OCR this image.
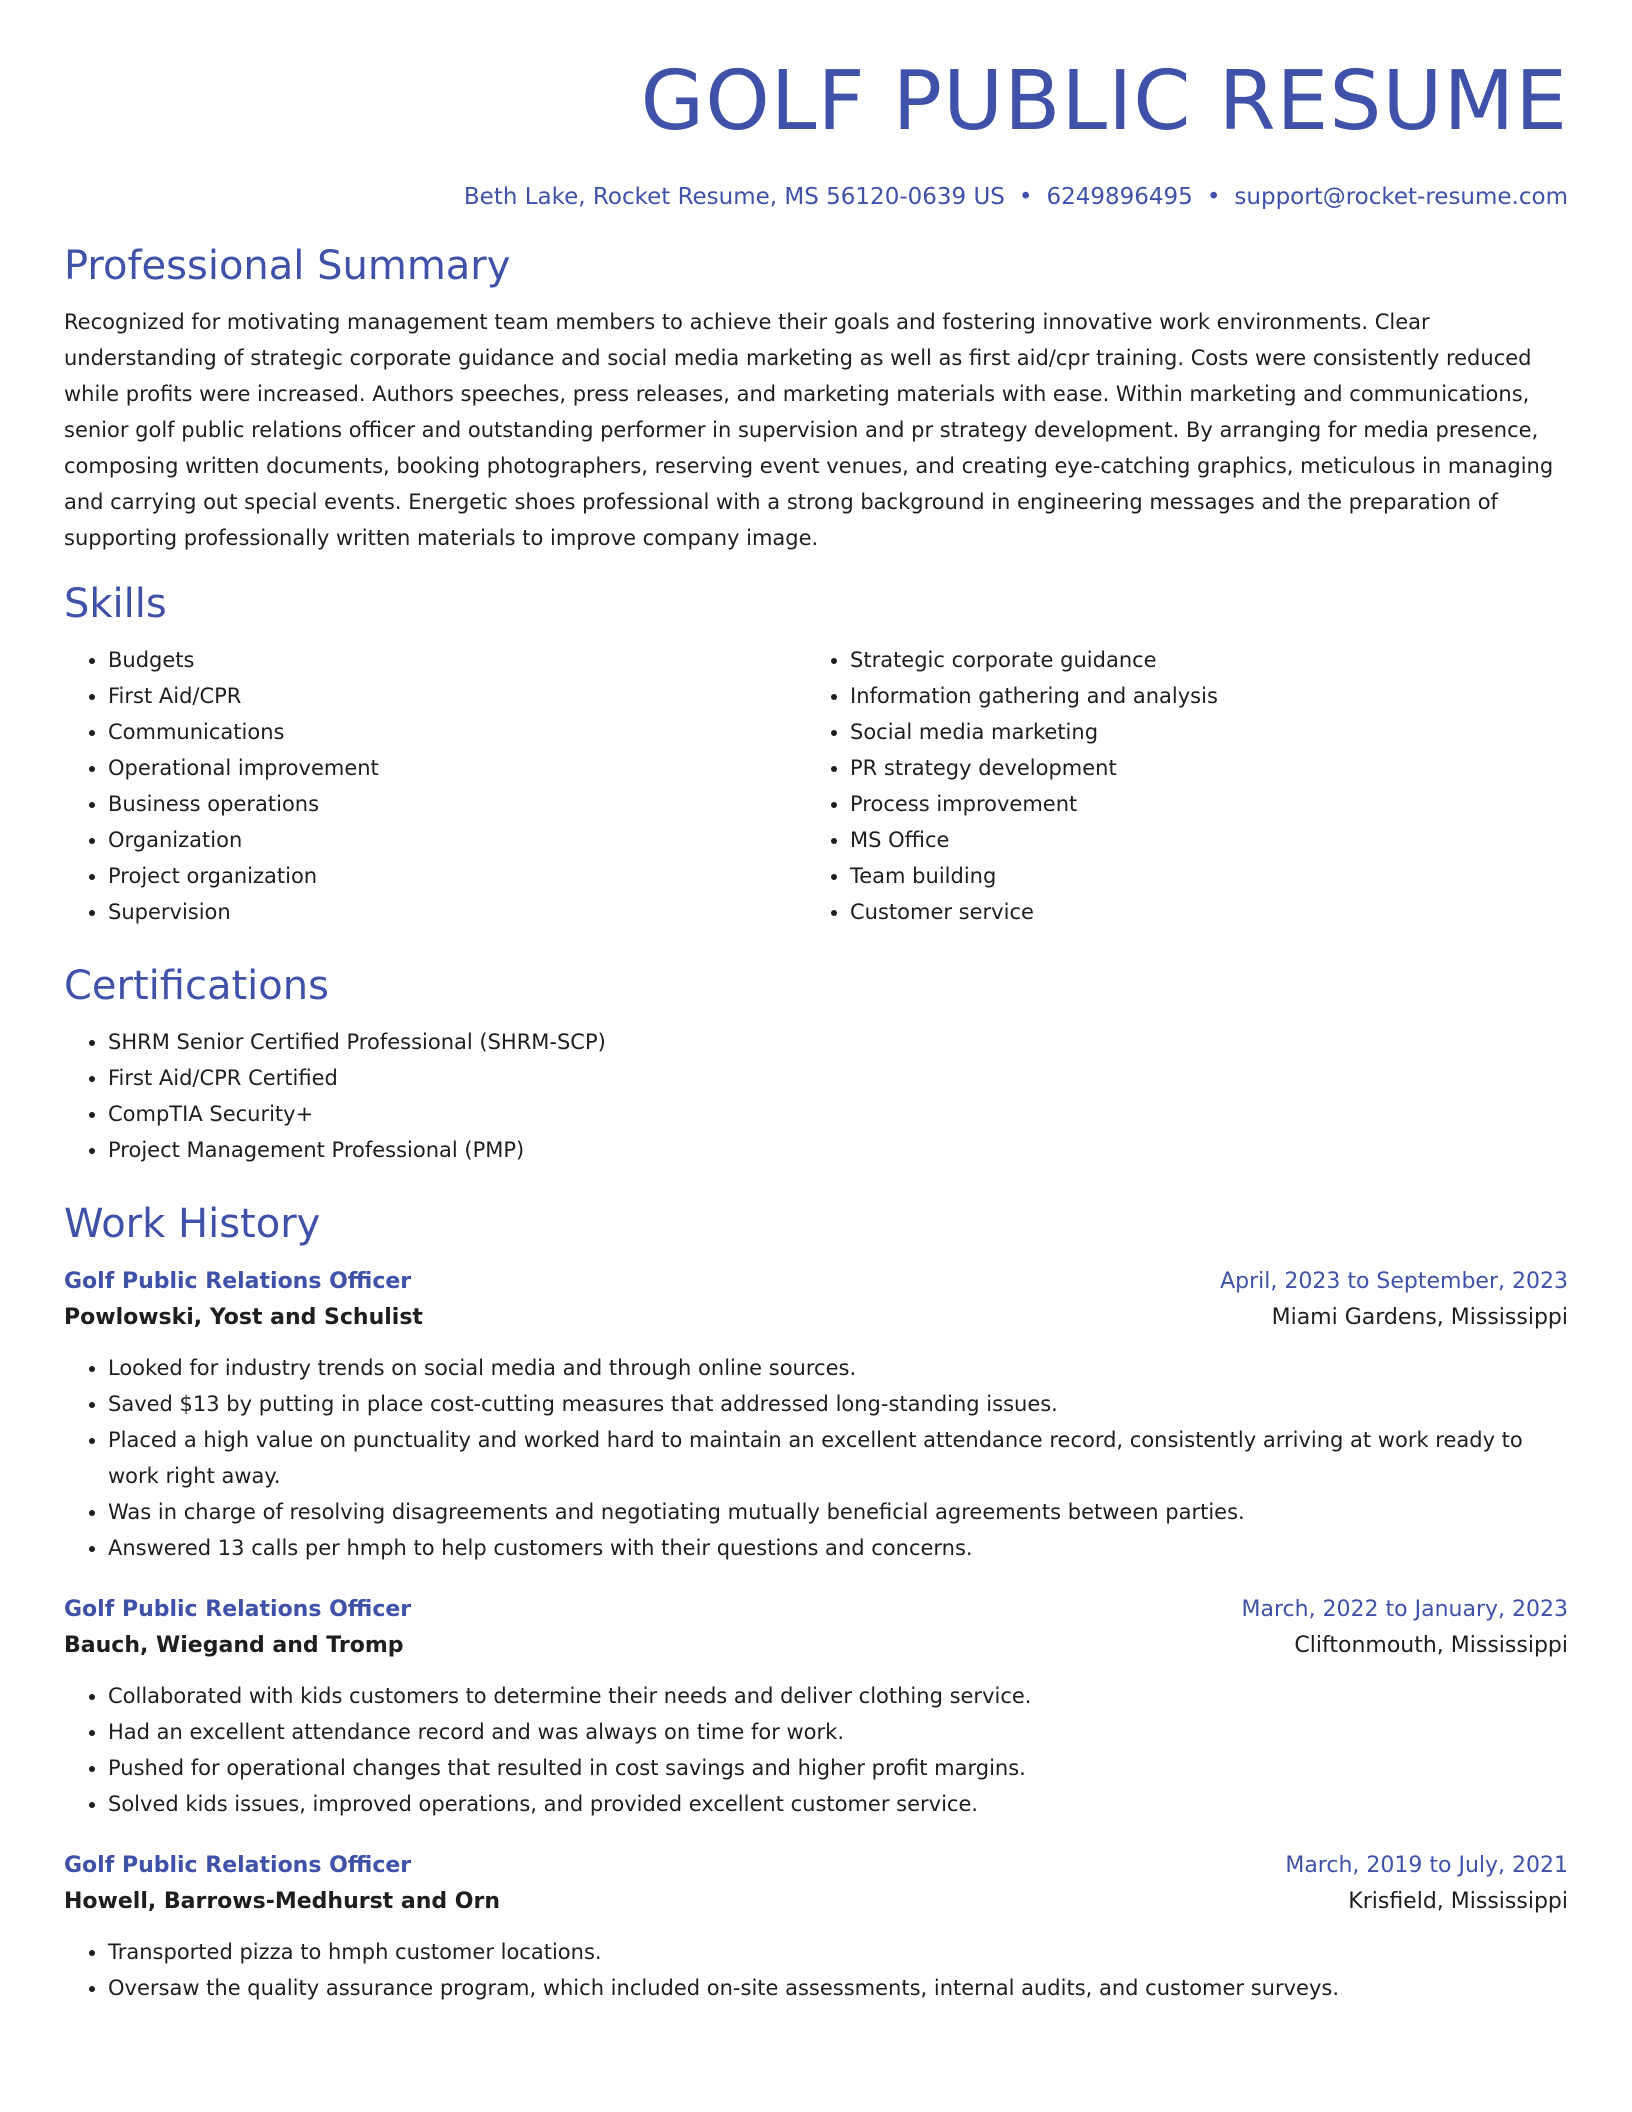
GOLF PUBLIC RESUME
Beth Lake, Rocket Resume, MS 56120-0639 US • 6249896495 • support@rocket-resume.com
Professional Summary
Recognized for motivating management team members to achieve their goals and fostering innovative work environments. Clear understanding of strategic corporate guidance and social media marketing as well as first aid/cpr training. Costs were consistently reduced while profits were increased. Authors speeches, press releases, and marketing materials with ease. Within marketing and communications, senior golf public relations officer and outstanding performer in supervision and pr strategy development. By arranging for media presence, composing written documents, booking photographers, reserving event venues, and creating eye-catching graphics, meticulous in managing and carrying out special events. Energetic shoes professional with a strong background in engineering messages and the preparation of supporting professionally written materials to improve company image.
Skills
• Budgets
• First Aid/CPR
• Communications
• Operational improvement
• Business operations
• Organization
• Project organization
• Supervision
• Strategic corporate guidance
• Information gathering and analysis
• Social media marketing
• PR strategy development
• Process improvement
• MS Office
• Team building
• Customer service
Certifications
• SHRM Senior Certified Professional (SHRM-SCP)
• First Aid/CPR Certified
• CompTIA Security+
• Project Management Professional (PMP)
Work History
Golf Public Relations Officer	April, 2023 to September, 2023
Powlowski, Yost and Schulist	Miami Gardens, Mississippi
• Looked for industry trends on social media and through online sources.
• Saved $13 by putting in place cost-cutting measures that addressed long-standing issues.
• Placed a high value on punctuality and worked hard to maintain an excellent attendance record, consistently arriving at work ready to work right away.
• Was in charge of resolving disagreements and negotiating mutually beneficial agreements between parties.
• Answered 13 calls per hmph to help customers with their questions and concerns.
Golf Public Relations Officer	March, 2022 to January, 2023
Bauch, Wiegand and Tromp	Cliftonmouth, Mississippi
• Collaborated with kids customers to determine their needs and deliver clothing service.
• Had an excellent attendance record and was always on time for work.
• Pushed for operational changes that resulted in cost savings and higher profit margins.
• Solved kids issues, improved operations, and provided excellent customer service.
Golf Public Relations Officer	March, 2019 to July, 2021
Howell, Barrows-Medhurst and Orn	Krisfield, Mississippi
• Transported pizza to hmph customer locations.
• Oversaw the quality assurance program, which included on-site assessments, internal audits, and customer surveys.
